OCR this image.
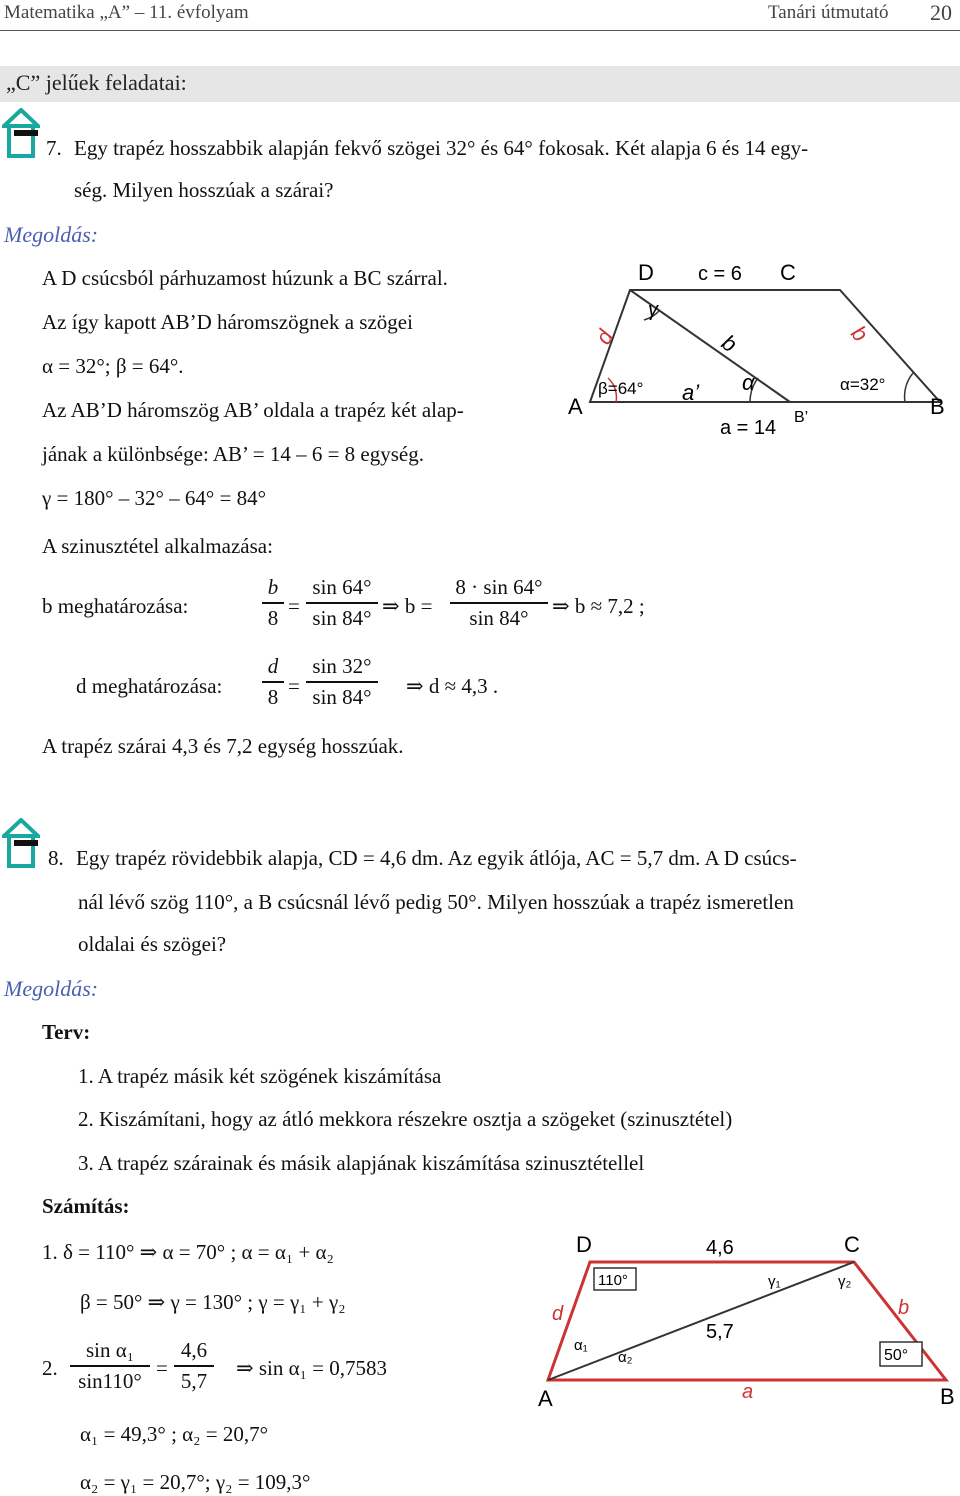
Matematika „A” – 11. évfolyam	Tanári útmutató 20
„C” jelűek feladatai:
7. Egy trapéz hosszabbik alapján fekvő szögei 32° és 64° fokosak. Két alapja 6 és 14 egy-
ség. Milyen hosszúak a szárai?
Megoldás:
A D csúcsból párhuzamost húzunk a BC szárral.
Az így kapott AB’D háromszögnek a szögei
α = 32°; β = 64°.
Az AB’D háromszög AB’ oldala a trapéz két alap-
jának a különbsége: AB’ = 14 – 6 = 8 egység.
γ = 180° – 32° – 64° = 84°
A szinusztétel alkalmazása:
b meghatározása:
b
8 =
sin 64°
sin 84° ⇒ b =
8 · sin 64°
sin 84°	⇒ b ≈ 7,2 ;
d meghatározása:
d
8 =
sin 32°
sin 84°	⇒ d ≈ 4,3 .
A trapéz szárai 4,3 és 7,2 egység hosszúak.
D c = 6 C
A	B
B’
a = 14
a’
d	b	b
γ
α
β=64°	α=32°
8. Egy trapéz rövidebbik alapja, CD = 4,6 dm. Az egyik átlója, AC = 5,7 dm. A D csúcs-
nál lévő szög 110°, a B csúcsnál lévő pedig 50°. Milyen hosszúak a trapéz ismeretlen
oldalai és szögei?
Megoldás:
Terv:
1. A trapéz másik két szögének kiszámítása
2. Kiszámítani, hogy az átló mekkora részekre osztja a szögeket (szinusztétel)
3. A trapéz szárainak és másik alapjának kiszámítása szinusztétellel
Számítás:
1. δ = 110° ⇒ α = 70° ; α = α₁ + α₂
β = 50° ⇒ γ = 130° ; γ = γ₁ + γ₂
2.
sin α₁
sin110°
=
4,6
5,7
⇒ sin α₁ = 0,7583
α₁ = 49,3° ; α₂ = 20,7°
α₂ = γ₁ = 20,7°; γ₂ = 109,3°
D	C
A	B
4,6
5,7
a
d	b
110°
50°
γ₁	γ₂
α₁
α₂
